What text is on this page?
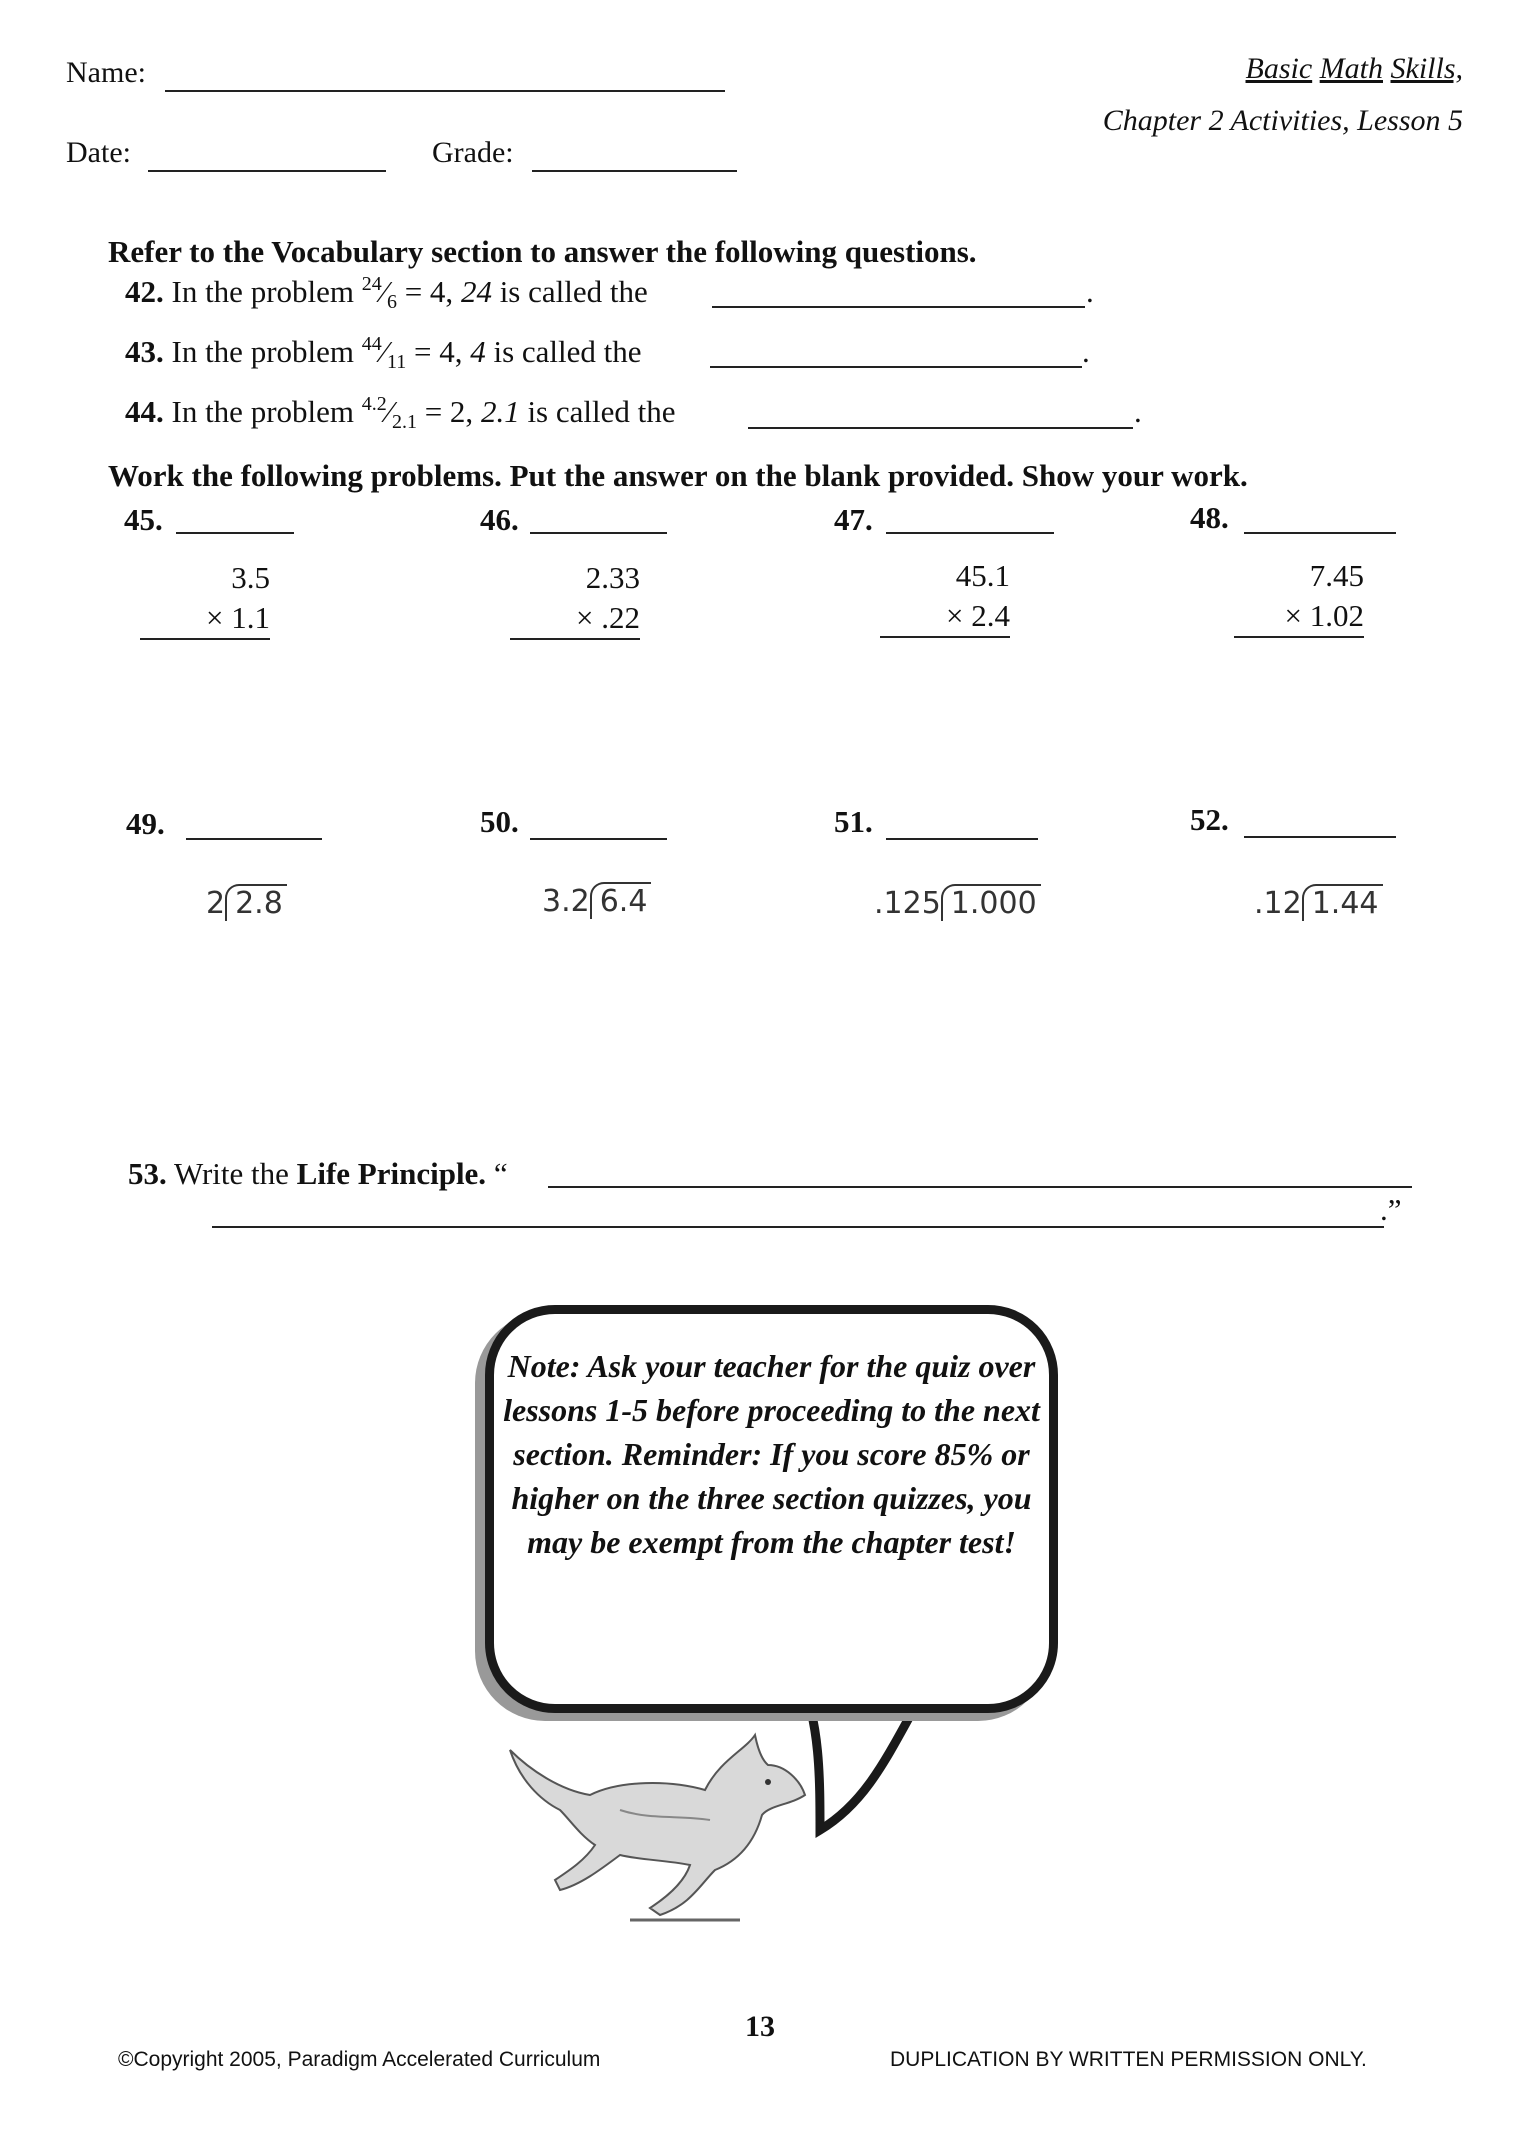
Name:
Date:	Grade:
Basic Math Skills,
Chapter 2 Activities, Lesson 5
Refer to the Vocabulary section to answer the following questions.
42. In the problem $^{24}$⁄6 = 4, 24 is called the	.
43. In the problem $^{44}$⁄11 = 4, 4 is called the	.
44. In the problem $^{4.2}$⁄2.1 = 2, 2.1 is called the	.
Work the following problems. Put the answer on the blank provided. Show your work.
45.	46.	47.	48.
3.5
× 1.1
2.33
× .22
45.1
× 2.4
7.45
× 1.02
49.	50.	51.	52.
2 2.8	3.2 6.4	.125 1.000	.12 1.44
53. Write the Life Principle. “
.”
Note: Ask your teacher for the quiz over lessons 1-5 before proceeding to the next section. Reminder: If you score 85% or higher on the three section quizzes, you may be exempt from the chapter test!
13
©Copyright 2005, Paradigm Accelerated Curriculum	DUPLICATION BY WRITTEN PERMISSION ONLY.
